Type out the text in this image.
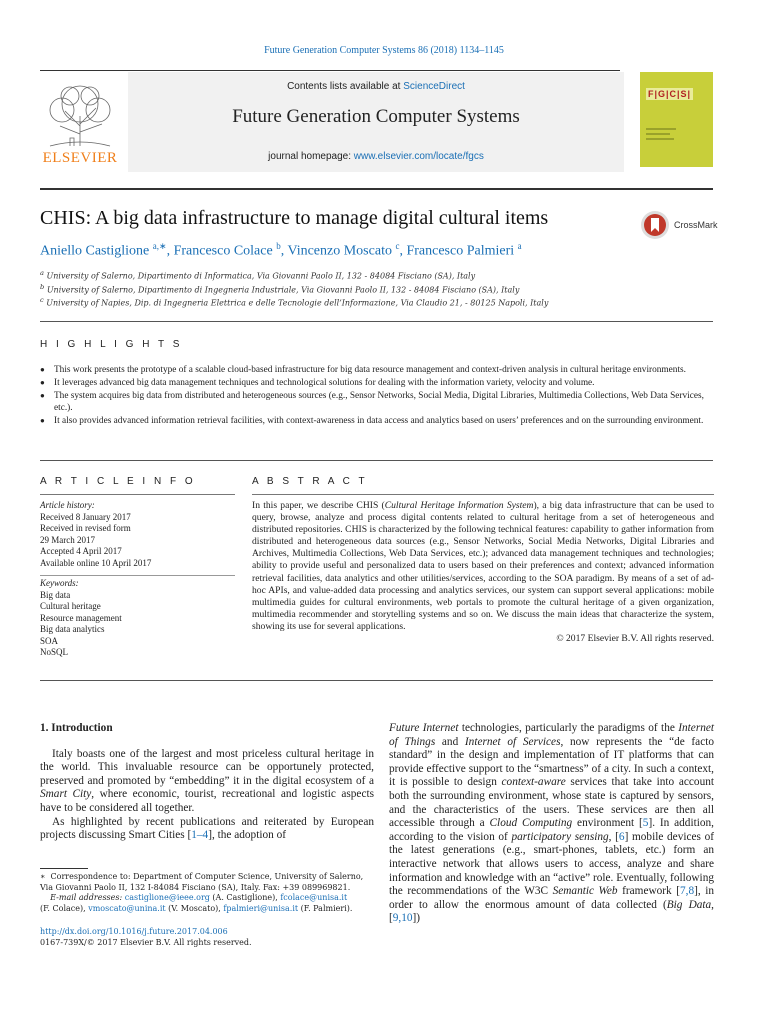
Future Generation Computer Systems 86 (2018) 1134–1145
ELSEVIER
Contents lists available at ScienceDirect
Future Generation Computer Systems
journal homepage: www.elsevier.com/locate/fgcs
F|G|C|S|
CHIS: A big data infrastructure to manage digital cultural items	CrossMark
Aniello Castiglione $^{a,∗}$, Francesco Colace $^b$, Vincenzo Moscato $^c$, Francesco Palmieri $^a$
$^a$ University of Salerno, Dipartimento di Informatica, Via Giovanni Paolo II, 132 - 84084 Fisciano (SA), Italy
$^b$ University of Salerno, Dipartimento di Ingegneria Industriale, Via Giovanni Paolo II, 132 - 84084 Fisciano (SA), Italy
$^c$ University of Napies, Dip. di Ingegneria Elettrica e delle Tecnologie dell’Informazione, Via Claudio 21, - 80125 Napoli, Italy
H I G H L I G H T S
● This work presents the prototype of a scalable cloud-based infrastructure for big data resource management and context-driven analysis in cultural heritage environments.
● It leverages advanced big data management techniques and technological solutions for dealing with the information variety, velocity and volume.
● The system acquires big data from distributed and heterogeneous sources (e.g., Sensor Networks, Social Media, Digital Libraries, Multimedia Collections, Web Data Services, etc.).
● It also provides advanced information retrieval facilities, with context-awareness in data access and analytics based on users’ preferences and on the surrounding environment.
A R T I C L E I N F O
Article history:
Received 8 January 2017
Received in revised form
29 March 2017
Accepted 4 April 2017
Available online 10 April 2017
Keywords:
Big data
Cultural heritage
Resource management
Big data analytics
SOA
NoSQL
A B S T R A C T

In this paper, we describe CHIS (Cultural Heritage Information System), a big data infrastructure that can be used to query, browse, analyze and process digital contents related to cultural heritage from a set of heterogeneous and distributed repositories. CHIS is characterized by the following technical features: capability to gather information from distributed and heterogeneous data sources (e.g., Sensor Networks, Social Media Networks, Digital Libraries and Archives, Multimedia Collections, Web Data Services, etc.); advanced data management techniques and technologies; ability to provide useful and personalized data to users based on their preferences and context; advanced information retrieval facilities, data analytics and other utilities/services, according to the SOA paradigm. By means of a set of ad-hoc APIs, and value-added data processing and analytics services, our system can support several applications: mobile multimedia guides for cultural environments, web portals to promote the cultural heritage of a given organization, multimedia recommender and storytelling systems and so on. We discuss the main ideas that characterize the system, showing its use for several applications.

© 2017 Elsevier B.V. All rights reserved.

1. Introduction

Italy boasts one of the largest and most priceless cultural heritage in the world. This invaluable resource can be opportunely protected, preserved and promoted by “embedding” it in the digital ecosystem of a Smart City, where economic, tourist, recreational and logistic aspects have to be considered all together.

As highlighted by recent publications and reiterated by European projects discussing Smart Cities [1–4], the adoption of

∗ Correspondence to: Department of Computer Science, University of Salerno, Via Giovanni Paolo II, 132 I-84084 Fisciano (SA), Italy. Fax: +39 089969821.
E-mail addresses: castiglione@ieee.org (A. Castiglione), fcolace@unisa.it
(F. Colace), vmoscato@unina.it (V. Moscato), fpalmieri@unisa.it (F. Palmieri).
http://dx.doi.org/10.1016/j.future.2017.04.006
0167-739X/© 2017 Elsevier B.V. All rights reserved.

Future Internet technologies, particularly the paradigms of the Internet of Things and Internet of Services, now represents the “de facto standard” in the design and implementation of IT platforms that can provide effective support to the “smartness” of a city. In such a context, it is possible to design context-aware services that take into account both the surrounding environment, whose state is captured by sensors, and the characteristics of the users. These services are then all accessible through a Cloud Computing environment [5]. In addition, according to the vision of participatory sensing, [6] mobile devices of the latest generations (e.g., smart-phones, tablets, etc.) form an interactive network that allows users to access, analyze and share information and knowledge with an “active” role. Eventually, following the recommendations of the W3C Semantic Web framework [7,8], in order to allow the enormous amount of data collected (Big Data, [9,10])
